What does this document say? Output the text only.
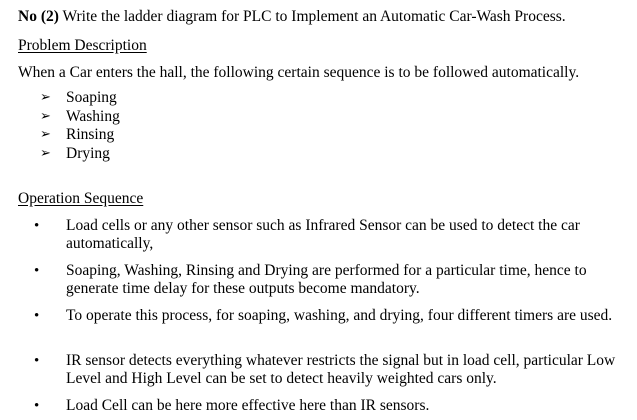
No (2) Write the ladder diagram for PLC to Implement an Automatic Car-Wash Process.
Problem Description
When a Car enters the hall, the following certain sequence is to be followed automatically.
➢ Soaping
➢ Washing
➢ Rinsing
➢ Drying
Operation Sequence
• Load cells or any other sensor such as Infrared Sensor can be used to detect the car automatically,
• Soaping, Washing, Rinsing and Drying are performed for a particular time, hence to generate time delay for these outputs become mandatory.
• To operate this process, for soaping, washing, and drying, four different timers are used.
• IR sensor detects everything whatever restricts the signal but in load cell, particular Low Level and High Level can be set to detect heavily weighted cars only.
• Load Cell can be here more effective here than IR sensors.
